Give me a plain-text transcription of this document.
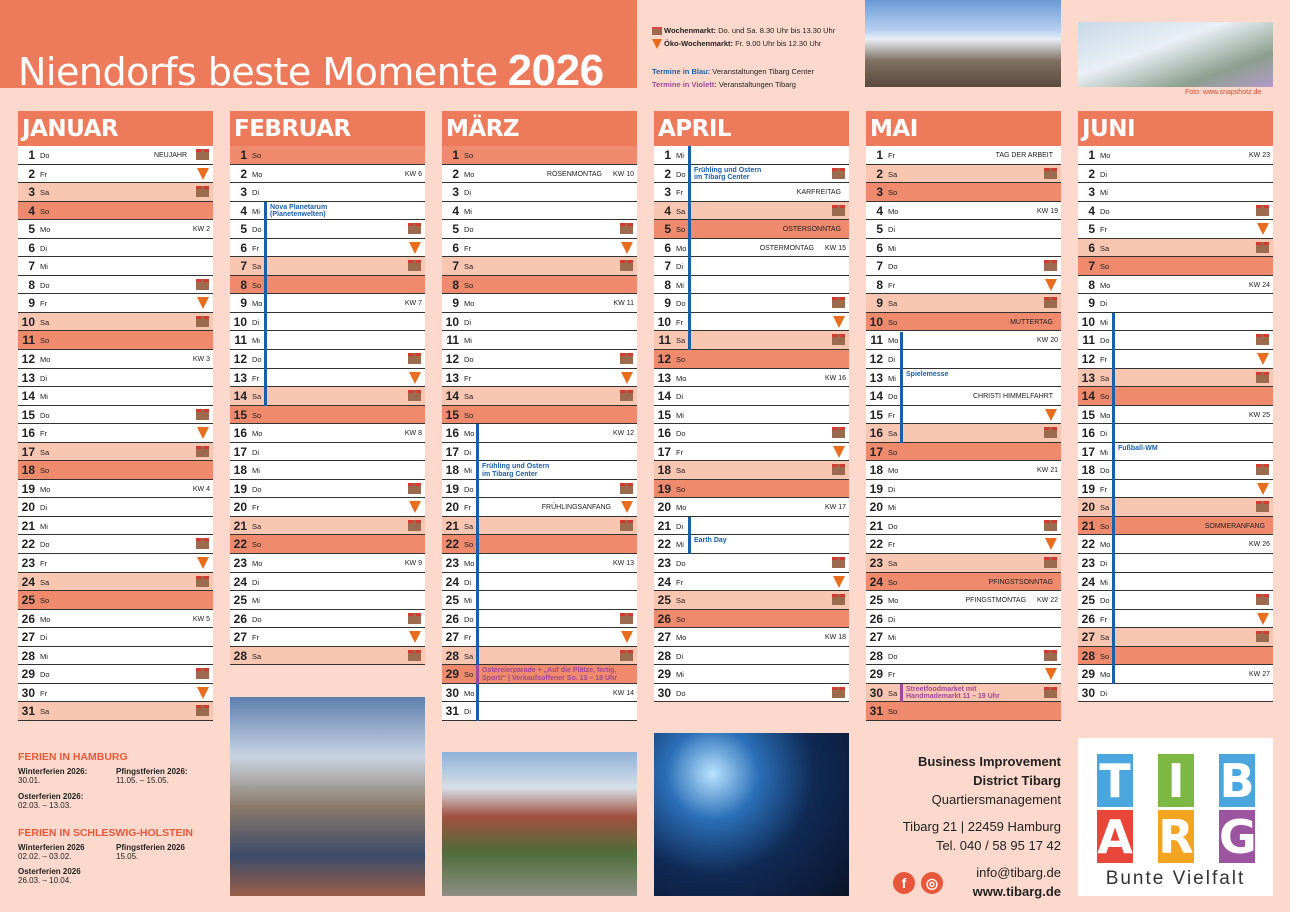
Niendorfs beste Momente 2026
Wochenmarkt: Do. und Sa. 8.30 Uhr bis 13.30 Uhr
Öko-Wochenmarkt: Fr. 9.00 Uhr bis 12.30 Uhr
Termine in Blau: Veranstaltungen Tibarg Center
Termine in Violett: Veranstaltungen Tibarg
Foto: www.snapshotz.de
JANUAR
1 Do	NEUJAHR
2 Fr
3 Sa
4 So
5 Mo	KW 2
6 Di
7 Mi
8 Do
9 Fr
10 Sa
11 So
12 Mo	KW 3
13 Di
14 Mi
15 Do
16 Fr
17 Sa
18 So
19 Mo	KW 4
20 Di
21 Mi
22 Do
23 Fr
24 Sa
25 So
26 Mo	KW 5
27 Di
28 Mi
29 Do
30 Fr
31 Sa
FEBRUAR
1 So
2 Mo	KW 6
3 Di
4 Mi Nova Planetarum
(Planetenwelten)
5 Do
6 Fr
7 Sa
8 So
9 Mo	KW 7
10 Di
11 Mi
12 Do
13 Fr
14 Sa
15 So
16 Mo	KW 8
17 Di
18 Mi
19 Do
20 Fr
21 Sa
22 So
23 Mo	KW 9
24 Di
25 Mi
26 Do
27 Fr
28 Sa
MÄRZ
1 So
2 Mo	ROSENMONTAG KW 10
3 Di
4 Mi
5 Do
6 Fr
7 Sa
8 So
9 Mo	KW 11
10 Di
11 Mi
12 Do
13 Fr
14 Sa
15 So
16 Mo	KW 12
17 Di
18 Mi Frühling und Ostern
im Tibarg Center
19 Do
20 Fr	FRÜHLINGSANFANG
21 Sa
22 So
23 Mo	KW 13
24 Di
25 Mi
26 Do
27 Fr
28 Sa
29 So Ostereierparade + „Auf die Plätze, fertig,
Sport!“ | Verkaufsoffener So. 13 – 18 Uhr
30 Mo	KW 14
31 Di
APRIL
1 Mi
2 Do Frühling und Ostern
im Tibarg Center
3 Fr	KARFREITAG
4 Sa
5 So	OSTERSONNTAG
6 Mo	OSTERMONTAG KW 15
7 Di
8 Mi
9 Do
10 Fr
11 Sa
12 So
13 Mo	KW 16
14 Di
15 Mi
16 Do
17 Fr
18 Sa
19 So
20 Mo	KW 17
21 Di
22 Mi Earth Day
23 Do
24 Fr
25 Sa
26 So
27 Mo	KW 18
28 Di
29 Mi
30 Do
MAI
1 Fr	TAG DER ARBEIT
2 Sa
3 So
4 Mo	KW 19
5 Di
6 Mi
7 Do
8 Fr
9 Sa
10 So	MUTTERTAG
11 Mo	KW 20
12 Di
13 Mi Spielemesse
14 Do	CHRISTI HIMMELFAHRT
15 Fr
16 Sa
17 So
18 Mo	KW 21
19 Di
20 Mi
21 Do
22 Fr
23 Sa
24 So	PFINGSTSONNTAG
25 Mo	PFINGSTMONTAG KW 22
26 Di
27 Mi
28 Do
29 Fr
30 Sa Streetfoodmarket mit
Handmademarkt 11 – 19 Uhr
31 So
JUNI
1 Mo	KW 23
2 Di
3 Mi
4 Do
5 Fr
6 Sa
7 So
8 Mo	KW 24
9 Di
10 Mi
11 Do
12 Fr
13 Sa
14 So
15 Mo	KW 25
16 Di
17 Mi Fußball-WM
18 Do
19 Fr
20 Sa
21 So	SOMMERANFANG
22 Mo	KW 26
23 Di
24 Mi
25 Do
26 Fr
27 Sa
28 So
29 Mo	KW 27
30 Di
FERIEN IN HAMBURG
Winterferien 2026:
30.01.
Pfingstferien 2026:
11.05. – 15.05.
Osterferien 2026:
02.03. – 13.03.
FERIEN IN SCHLESWIG-HOLSTEIN
Winterferien 2026
02.02. – 03.02.
Pfingstferien 2026
15.05.
Osterferien 2026
26.03. – 10.04.
Business Improvement
District Tibarg
Quartiersmanagement
Tibarg 21 | 22459 Hamburg
Tel. 040 / 58 95 17 42
info@tibarg.de
www.tibarg.de
f ◎
T I B
A R G
Bunte Vielfalt
